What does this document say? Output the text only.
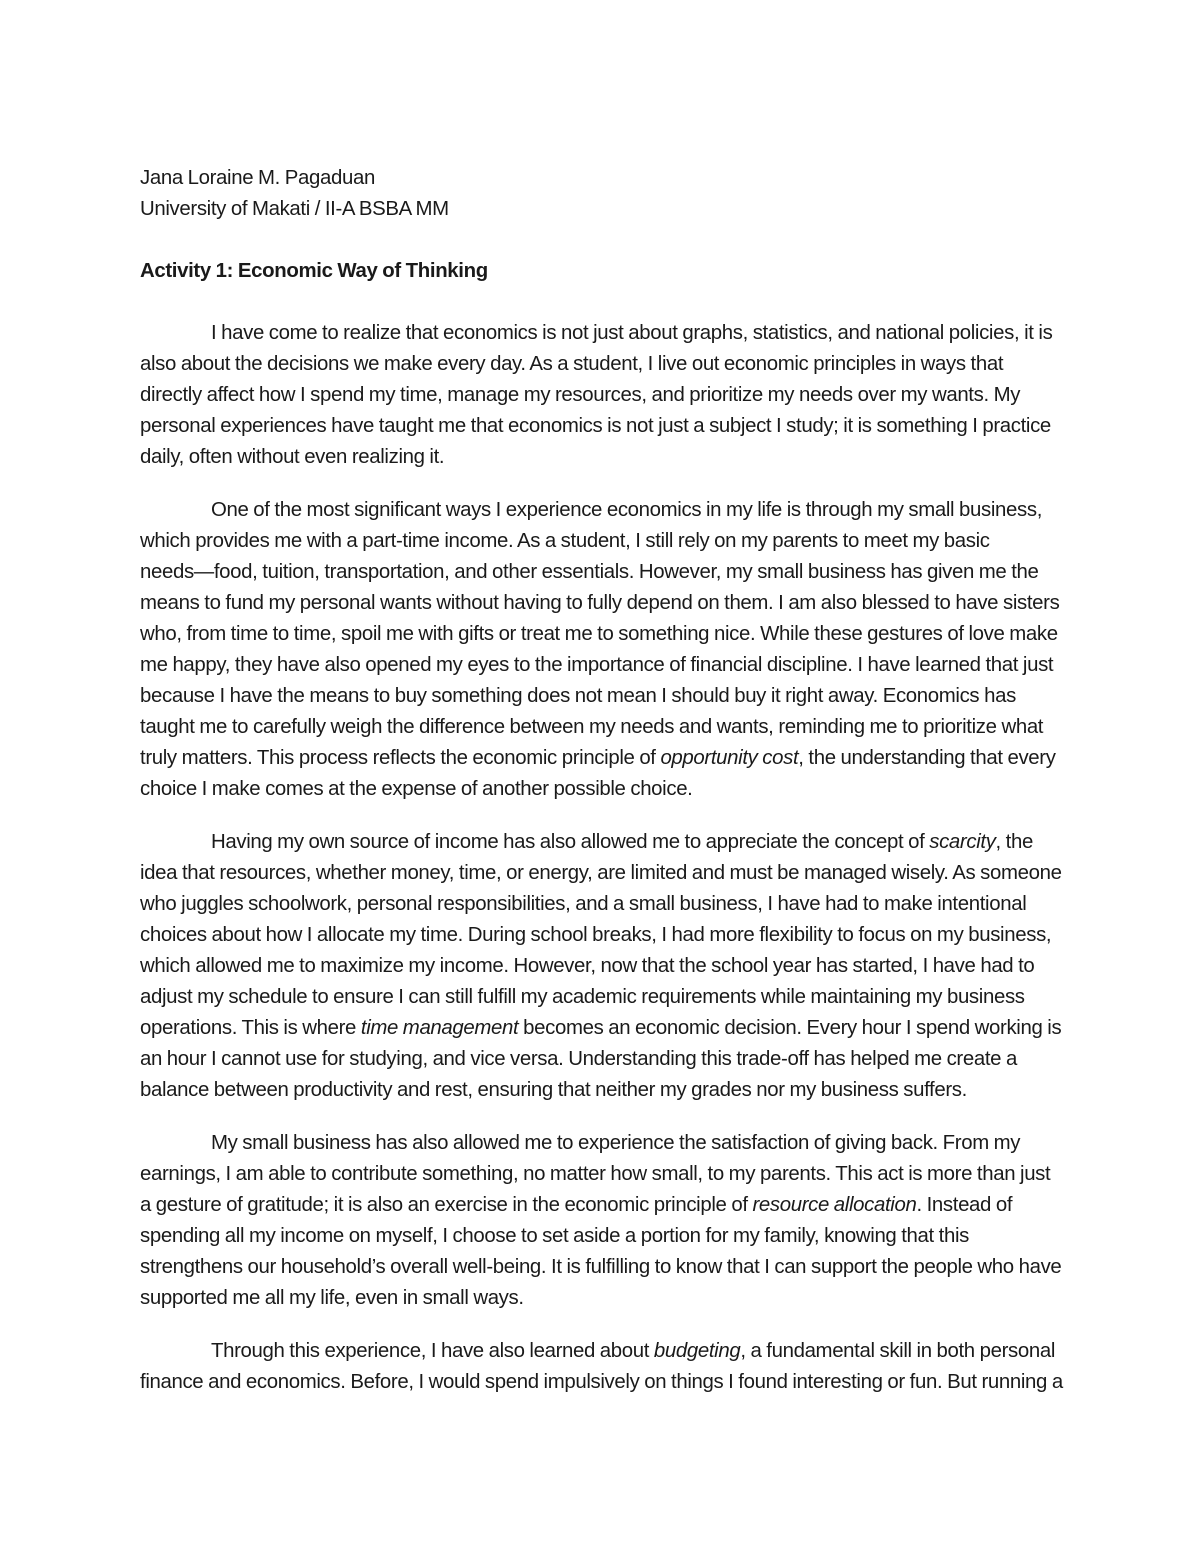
Jana Loraine M. Pagaduan
University of Makati / II-A BSBA MM
Activity 1: Economic Way of Thinking
I have come to realize that economics is not just about graphs, statistics, and national policies, it is
also about the decisions we make every day. As a student, I live out economic principles in ways that
directly affect how I spend my time, manage my resources, and prioritize my needs over my wants. My
personal experiences have taught me that economics is not just a subject I study; it is something I practice
daily, often without even realizing it.
One of the most significant ways I experience economics in my life is through my small business,
which provides me with a part-time income. As a student, I still rely on my parents to meet my basic
needs—food, tuition, transportation, and other essentials. However, my small business has given me the
means to fund my personal wants without having to fully depend on them. I am also blessed to have sisters
who, from time to time, spoil me with gifts or treat me to something nice. While these gestures of love make
me happy, they have also opened my eyes to the importance of financial discipline. I have learned that just
because I have the means to buy something does not mean I should buy it right away. Economics has
taught me to carefully weigh the difference between my needs and wants, reminding me to prioritize what
truly matters. This process reflects the economic principle of opportunity cost, the understanding that every
choice I make comes at the expense of another possible choice.
Having my own source of income has also allowed me to appreciate the concept of scarcity, the
idea that resources, whether money, time, or energy, are limited and must be managed wisely. As someone
who juggles schoolwork, personal responsibilities, and a small business, I have had to make intentional
choices about how I allocate my time. During school breaks, I had more flexibility to focus on my business,
which allowed me to maximize my income. However, now that the school year has started, I have had to
adjust my schedule to ensure I can still fulfill my academic requirements while maintaining my business
operations. This is where time management becomes an economic decision. Every hour I spend working is
an hour I cannot use for studying, and vice versa. Understanding this trade-off has helped me create a
balance between productivity and rest, ensuring that neither my grades nor my business suffers.
My small business has also allowed me to experience the satisfaction of giving back. From my
earnings, I am able to contribute something, no matter how small, to my parents. This act is more than just
a gesture of gratitude; it is also an exercise in the economic principle of resource allocation. Instead of
spending all my income on myself, I choose to set aside a portion for my family, knowing that this
strengthens our household’s overall well-being. It is fulfilling to know that I can support the people who have
supported me all my life, even in small ways.
Through this experience, I have also learned about budgeting, a fundamental skill in both personal
finance and economics. Before, I would spend impulsively on things I found interesting or fun. But running a
